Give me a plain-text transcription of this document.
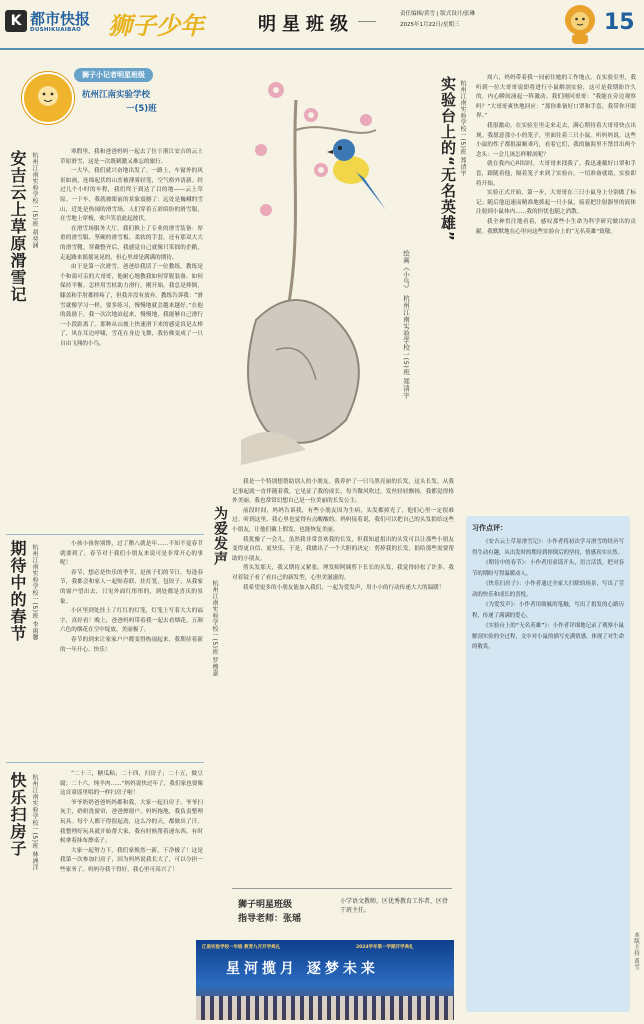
K 都市快报
DUSHIKUAIBAO 狮子少年	明星班级	责任编辑/黄雪 | 版式设计/张琳
2025年1月22日/星期三	15
狮子小记者明星班级
杭州江南实验学校
一(5)班
安吉云上草原滑雪记 杭州江南实验学校一(5)班 胡奕涵	寒假里，我和爸爸妈妈一起去了位于浙江安吉的云上草原滑雪，这是一次既刺激又难忘的旅行。

一大早，我们就兴奋地出发了。一路上，车窗外的风景如画，连绵起伏的山峦被薄雾轻笼，空气格外清新。经过几个小时的车程，我们终于到达了目的地——云上草原。一下车，我就被眼前的景象震撼了：远处是巍峨的雪山，近处是热闹的滑雪场，人们穿着五彩缤纷的滑雪服，在雪地上穿梭，欢声笑语此起彼伏。

在滑雪场服务大厅，我们换上了专业的滑雪装备：厚重的滑雪服、坚硬的滑雪板、柔软的手套，还有那双大大的滑雪靴。穿戴整齐后，我感觉自己就像只笨拙的企鹅，走起路来摇摇晃晃的，但心里却是满满的期待。

由于是第一次滑雪，爸爸给我请了一位教练。教练是个和蔼可亲的大哥哥，他耐心地教我如何穿脱装备、如何保持平衡、怎样用雪杖助力滑行。刚开始，我总是摔倒，膝盖和手肘都摔疼了，但我并没有放弃。教练告诉我：“滑雪就像学习一样，要多练习，慢慢地就会越来越好。”在他的鼓励下，我一次次地站起来，慢慢地，我能够自己滑行一小段距离了。那种从山坡上快速滑下来的感觉真是太棒了，风在耳边呼啸，雪花在身边飞舞，我仿佛变成了一只自由飞翔的小鸟。

期待中的春节 杭州江南实验学校一(5)班 李雨馨	小孩小孩你别馋，过了腊八就是年……不知不觉春节就要到了，春节对于我们小朋友来说可是非常开心的事呢！

春节，想必是快乐的季节，是孩子们的节日。每逢春节，我都会和家人一起贴春联、挂灯笼，包饺子，从我家的窗户望出去，只见外面红彤彤的，到处都是喜庆的景象。

小区里到处挂上了红红的灯笼，灯笼上写着大大的福字，真好看！晚上，爸爸妈妈带着我一起去看烟花，五颜六色的烟花在空中绽放，美丽极了。

春节的到来让家家户户都变得热闹起来，我期待着新的一年开心、快乐！

快乐扫房子 杭州江南实验学校一(5)班 林洲洋	“二十三，糖瓜粘；二十四，扫房子；二十五，做豆腐；二十六，炖羊肉……”妈妈说快过年了，我们家也要像这首童谣里唱的一样扫房子啦！

爷爷奶奶爸爸妈妈都和我，大家一起扫房子。爷爷扫灰尘，奶奶洗窗帘，爸爸擦窗户，妈妈拖地，我负责整理玩具。每个人都干得很起劲，这么冷的天，都做出了汗。我整理好玩具就开始帮大家，我有时候帮着递东西，有时候拿着抹布擦桌子。

大家一起努力下，我们家焕然一新，干净极了！这是我第一次参加扫房子，因为妈妈说我长大了，可以分担一些家务了。妈妈夸我干得好，我心里可高兴了！

绘画《小鸟》 杭州江南实验学校一(5)班 郑清宇
为爱发声
杭州江南实验学校一(5)班 罗穆嘉

我是一个特别想帮助别人的小朋友。我养护了一只乌黑亮丽的长发，这头长发，从我记事起就一直伴随着我，它见证了我的成长。每当微风吹过，发丝轻轻飘扬，我都觉得格外美丽。我也常常幻想自己是一位美丽的长发公主。

前段时间，妈妈告诉我，有些小朋友因为生病，头发都掉光了，他们心里一定很难过。听到这里，我心里也觉得有点酸酸的。妈妈接着说，我们可以把自己的头发捐给这些小朋友，让他们戴上假发，也能恢复美丽。

我犹豫了一会儿。虽然我非常喜欢我的长发，但我知道捐出的头发可以让那些小朋友变得更自信、更快乐。于是，我做出了一个大胆的决定：剪掉我的长发，捐给那些需要帮助的小朋友。

剪头发那天，我又期待又紧张。理发师阿姨剪下长长的头发，我觉得轻松了许多。我对着镜子看了看自己的新发型，心里美滋滋的。

我希望更多的小朋友能加入我们，一起为爱发声，用小小的行动传递大大的温暖！

狮子明星班级
指导老师：张瑶
小学语文教师，区优秀教育工作者，区骨干班主任。
江南实验学校一年级 教育九月开学典礼	2024学年第一学期开学典礼
星河揽月 逐梦未来
实验台上的“无名英雄” 杭州江南实验学校一(5)班 郑清宇

周六，妈妈带着我一同前往她的工作地点。在实验室里，我听到一位大哥哥说即将进行小鼠解剖实验，这可是我期盼许久的，内心瞬间涌起一阵激动。我们刚问哥哥：“我能在旁边观察吗？”大哥哥爽快地回应：“那你准备好口罩和手套，我带你开眼界。”

我很激动。在实验室里走来走去，满心期待着大哥哥快点出现。我愿意那小小的笼子，里面住着三只小鼠。听妈妈说，这些小鼠的性子都很温顺乖巧，看着它们，我的脑海里不禁冒出两个念头：一会儿该怎样解剖呢？

就在我内心纠结时，大哥哥来找我了。我迅速戴好口罩和手套，跟随着他，隔着笼子来到了实验台。一切准备就绪，实验即将开始。

实验正式开始，第一步，大哥哥在三只小鼠身上分别做了标记；随后他迅速而精准地抓起一只小鼠，接着把注射器里的液体注射到小鼠体内……我的担忧也随之消散。

我全神贯注地看着，感叹那些小生命为科学研究做出的贡献。我默默地在心里向这些实验台上的“无名英雄”致敬。

习作点评：

《安吉云上草原滑雪记》：小作者将初次学习滑雪的经历写得生动有趣，从出发时的期待到摔倒后的坚持，情感真实自然。

《期待中的春节》：小作者用童谣开头，语言活泼，把对春节的期盼写得温暖动人。

《快乐扫房子》：小作者通过全家大扫除的场景，写出了劳动的快乐和成长的喜悦。

《为爱发声》：小作者用细腻的笔触，写出了捐发的心路历程，传递了满满的爱心。

《实验台上的“无名英雄”》：小作者详细地记录了观察小鼠解剖实验的全过程，文中对小鼠的描写充满情感，体现了对生命的敬畏。

本版主持 黄雪
